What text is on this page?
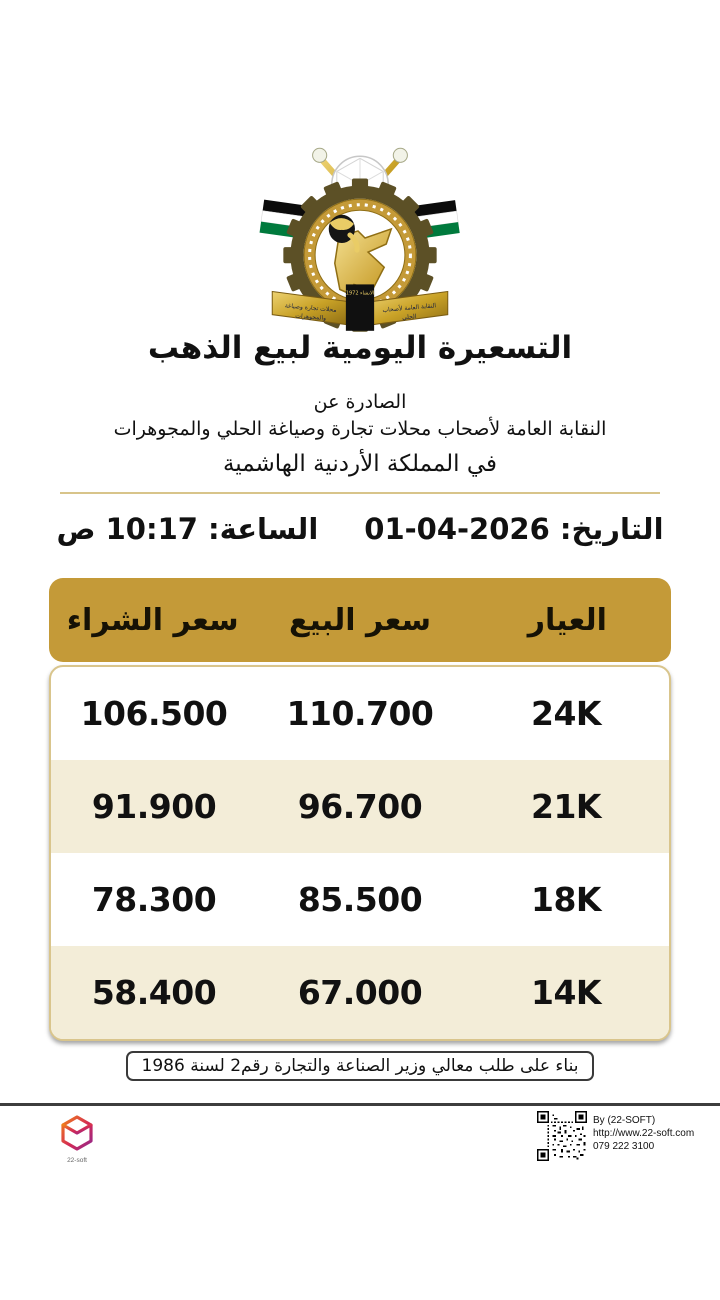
الانشاء 1972
محلات تجارة وصياغة
والمجوهرات
النقابة العامة لأصحاب
الحلي
التسعيرة اليومية لبيع الذهب
الصادرة عن
النقابة العامة لأصحاب محلات تجارة وصياغة الحلي والمجوهرات
في المملكة الأردنية الهاشمية
التاريخ: 01-04-2026
الساعة: 10:17 ص
العيار
سعر البيع
سعر الشراء
24K
110.700
106.500
21K
96.700
91.900
18K
85.500
78.300
14K
67.000
58.400
بناء على طلب معالي وزير الصناعة والتجارة رقم2 لسنة 1986
22-soft
By (22-SOFT)
http://www.22-soft.com
079 222 3100
